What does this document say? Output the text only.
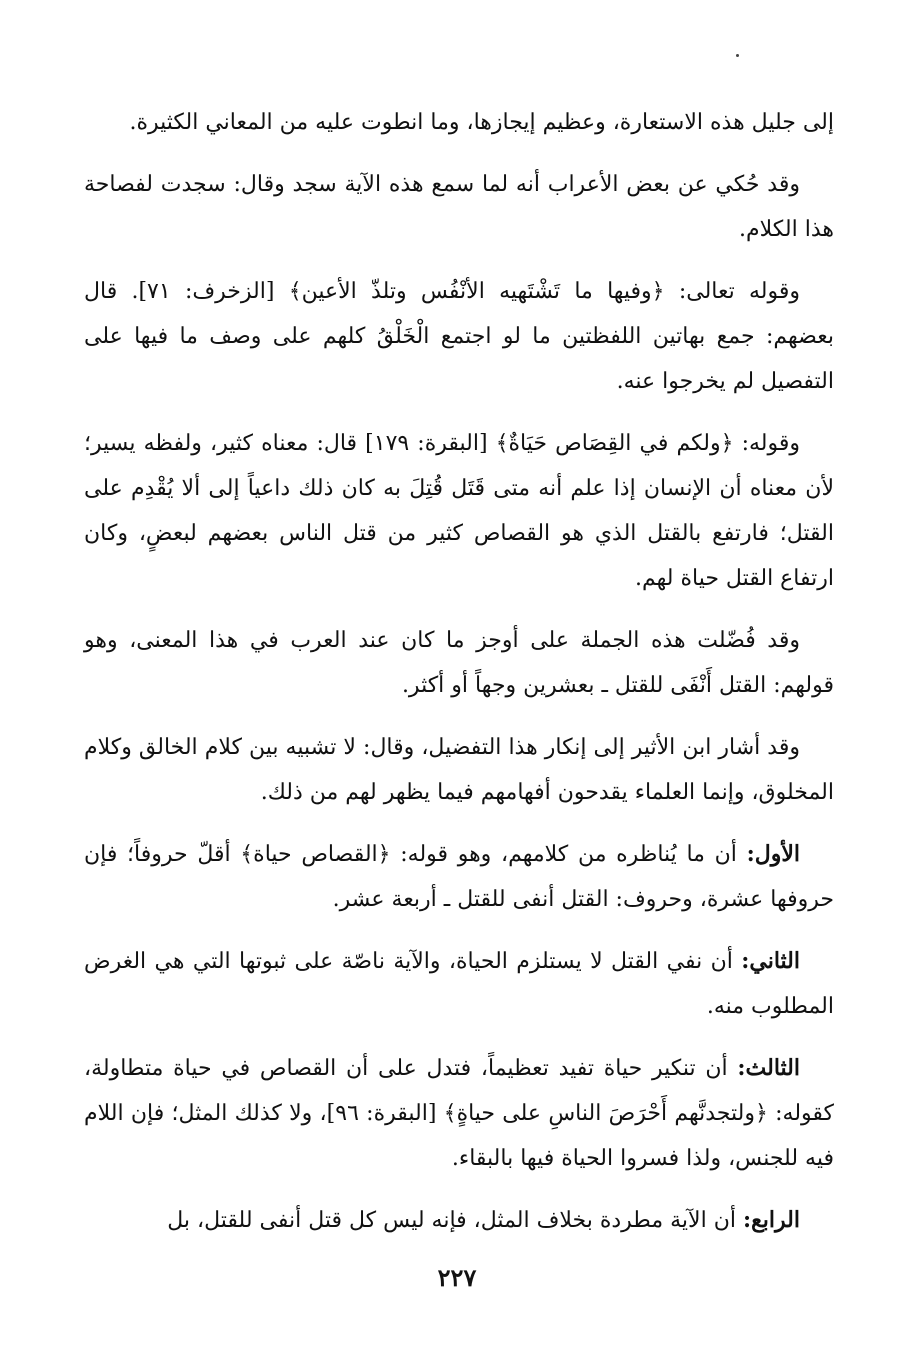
إلى جليل هذه الاستعارة، وعظيم إيجازها، وما انطوت عليه من المعاني الكثيرة.

وقد حُكي عن بعض الأعراب أنه لما سمع هذه الآية سجد وقال: سجدت لفصاحة هذا الكلام.

وقوله تعالى: ﴿وفيها ما تَشْتَهيه الأنْفُس وتلذّ الأعين﴾ [الزخرف: ٧١]. قال بعضهم: جمع بهاتين اللفظتين ما لو اجتمع الْخَلْقُ كلهم على وصف ما فيها على التفصيل لم يخرجوا عنه.

وقوله: ﴿ولكم في القِصَاص حَيَاةٌ﴾ [البقرة: ١٧٩] قال: معناه كثير، ولفظه يسير؛ لأن معناه أن الإنسان إذا علم أنه متى قَتَل قُتِلَ به كان ذلك داعياً إلى ألا يُقْدِم على القتل؛ فارتفع بالقتل الذي هو القصاص كثير من قتل الناس بعضهم لبعضٍ، وكان ارتفاع القتل حياة لهم.

وقد فُضّلت هذه الجملة على أوجز ما كان عند العرب في هذا المعنى، وهو قولهم: القتل أَنْفَى للقتل ـ بعشرين وجهاً أو أكثر.

وقد أشار ابن الأثير إلى إنكار هذا التفضيل، وقال: لا تشبيه بين كلام الخالق وكلام المخلوق، وإنما العلماء يقدحون أفهامهم فيما يظهر لهم من ذلك.

الأول: أن ما يُناظره من كلامهم، وهو قوله: ﴿القصاص حياة﴾ أقلّ حروفاً؛ فإن حروفها عشرة، وحروف: القتل أنفى للقتل ـ أربعة عشر.

الثاني: أن نفي القتل لا يستلزم الحياة، والآية ناصّة على ثبوتها التي هي الغرض المطلوب منه.

الثالث: أن تنكير حياة تفيد تعظيماً، فتدل على أن القصاص في حياة متطاولة، كقوله: ﴿ولتجدنَّهم أَحْرَصَ الناسِ على حياةٍ﴾ [البقرة: ٩٦]، ولا كذلك المثل؛ فإن اللام فيه للجنس، ولذا فسروا الحياة فيها بالبقاء.

الرابع: أن الآية مطردة بخلاف المثل، فإنه ليس كل قتل أنفى للقتل، بل

٢٢٧
